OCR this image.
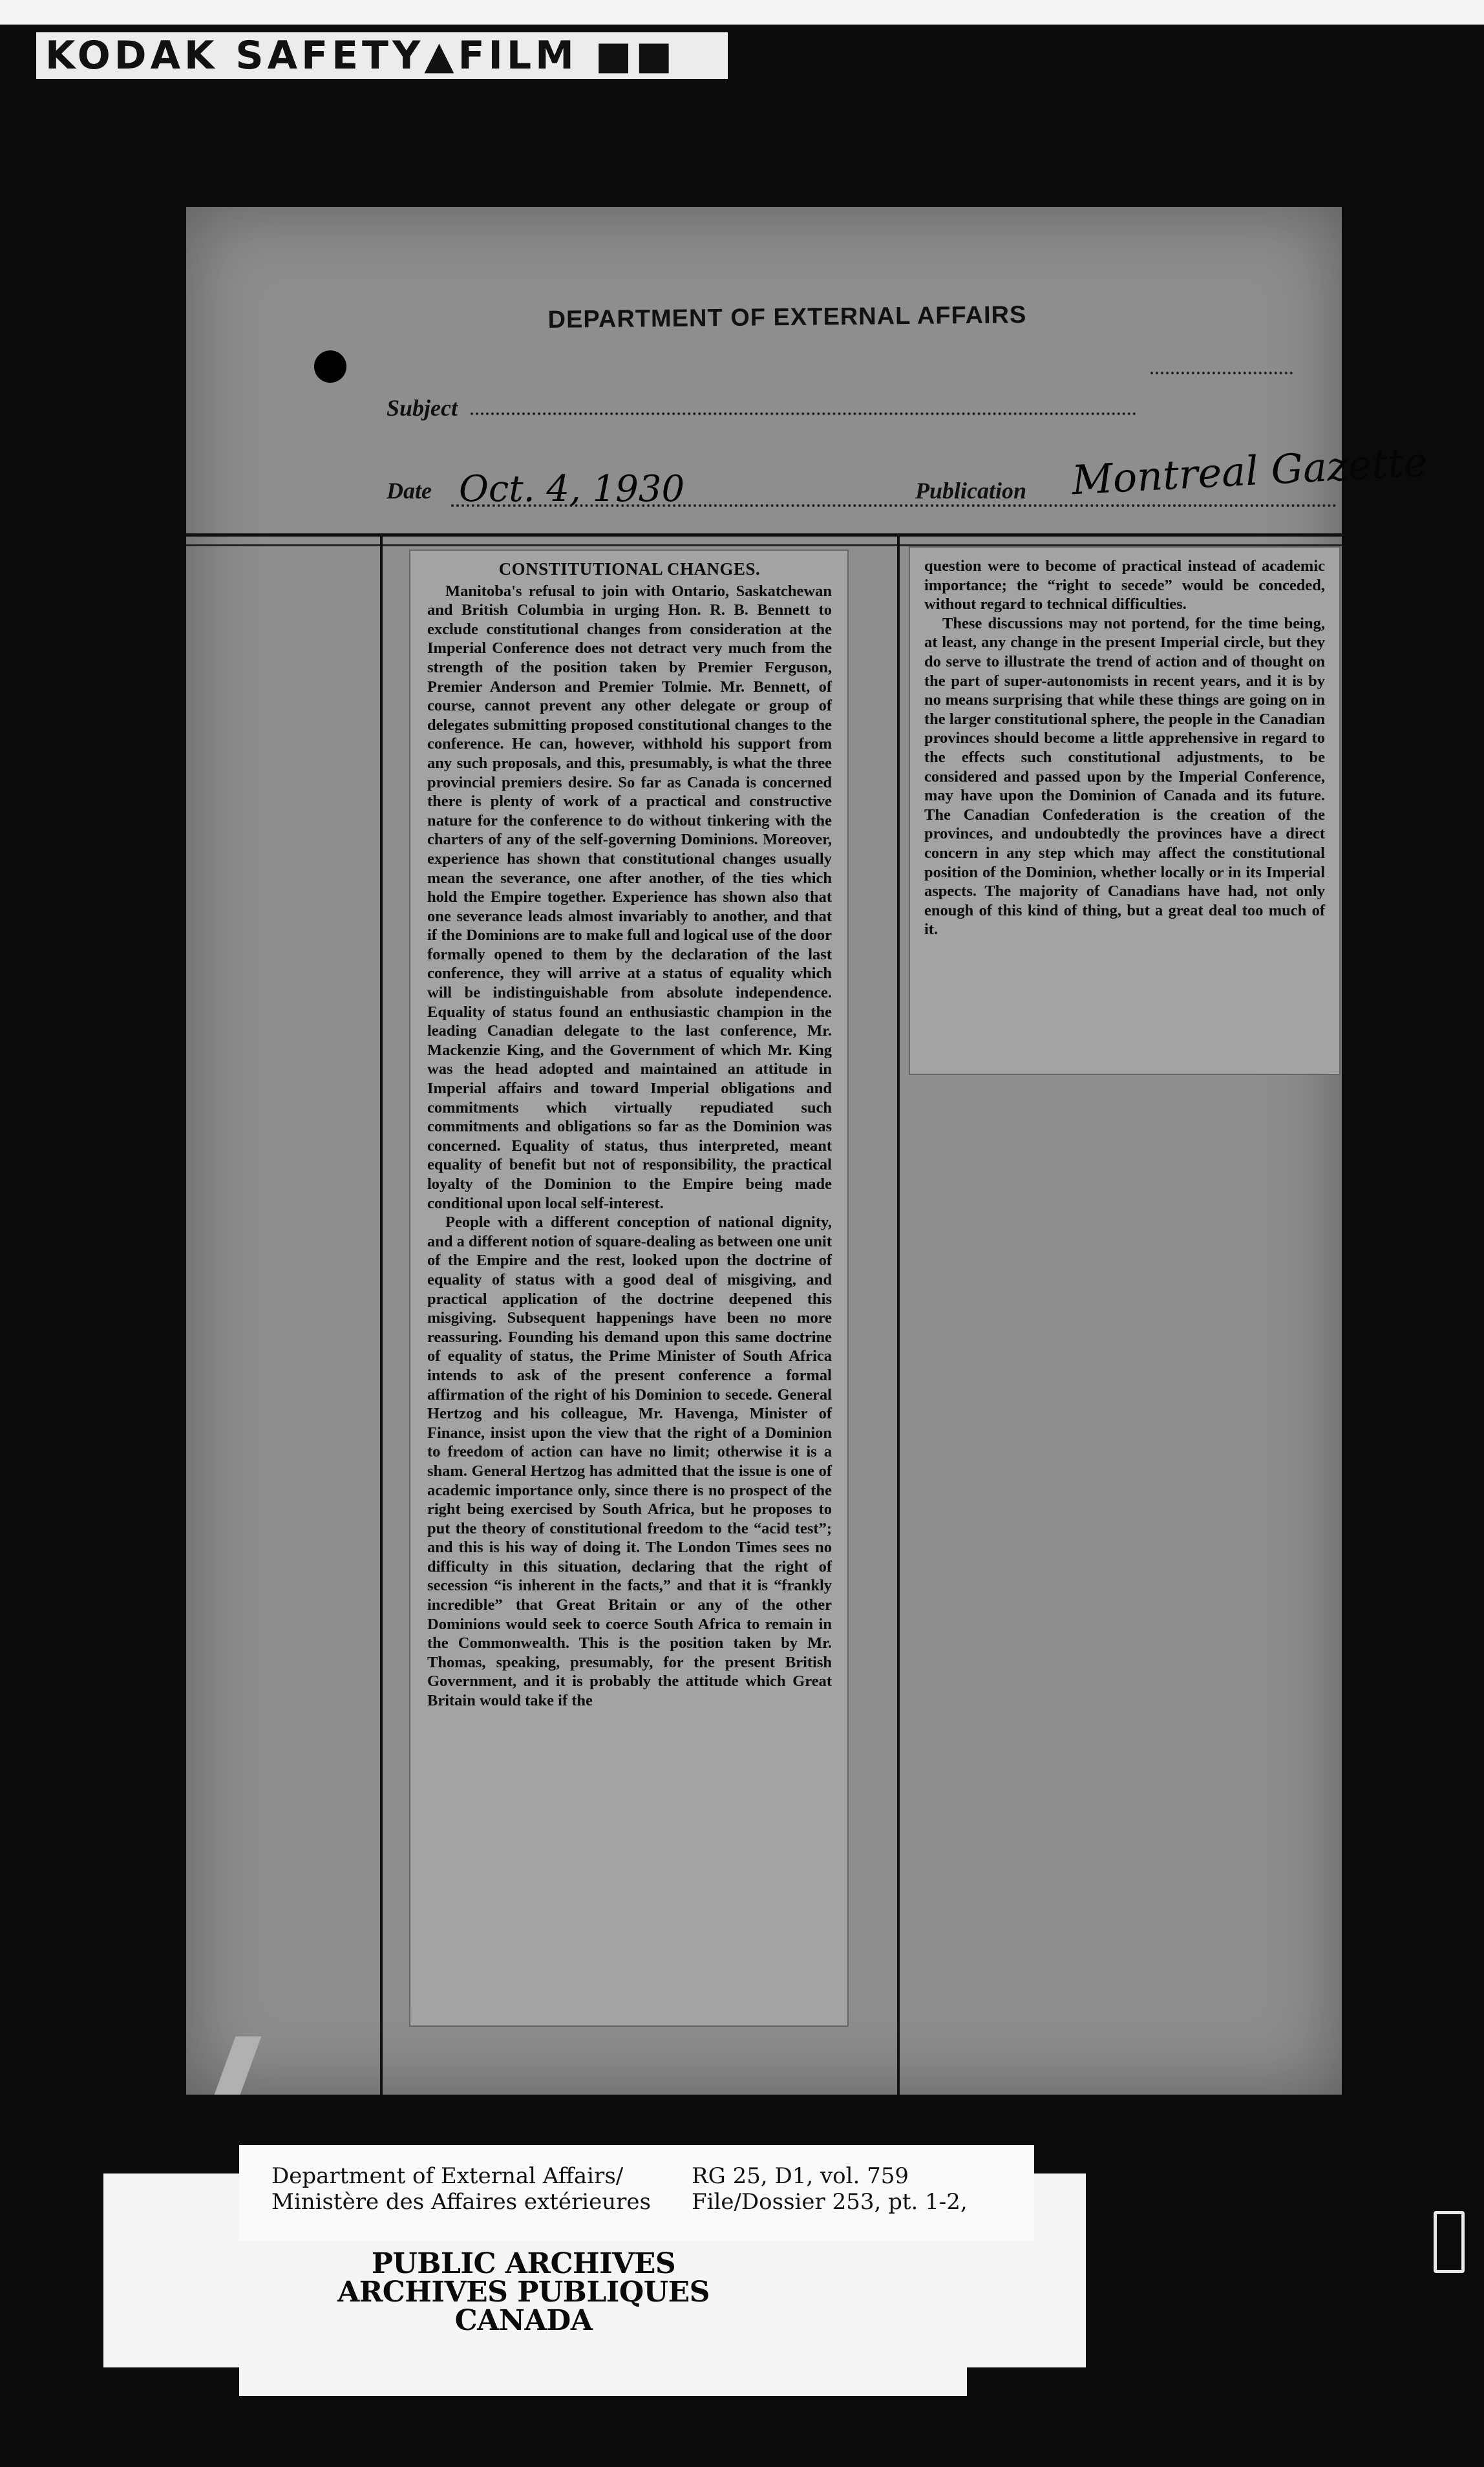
KODAK SAFETY▲FILM ■■
DEPARTMENT OF EXTERNAL AFFAIRS
Subject
Date Oct. 4, 1930	Publication Montreal Gazette
CONSTITUTIONAL CHANGES.

Manitoba's refusal to join with Ontario, Saskatchewan and British Columbia in urging Hon. R. B. Bennett to exclude constitutional changes from consideration at the Imperial Conference does not detract very much from the strength of the position taken by Premier Ferguson, Premier Anderson and Premier Tolmie. Mr. Bennett, of course, cannot prevent any other delegate or group of delegates submitting proposed constitutional changes to the conference. He can, however, withhold his support from any such proposals, and this, presumably, is what the three provincial premiers desire. So far as Canada is concerned there is plenty of work of a practical and constructive nature for the conference to do without tinkering with the charters of any of the self-governing Dominions. Moreover, experience has shown that constitutional changes usually mean the severance, one after another, of the ties which hold the Empire together. Experience has shown also that one severance leads almost invariably to another, and that if the Dominions are to make full and logical use of the door formally opened to them by the declaration of the last conference, they will arrive at a status of equality which will be indistinguishable from absolute independence. Equality of status found an enthusiastic champion in the leading Canadian delegate to the last conference, Mr. Mackenzie King, and the Government of which Mr. King was the head adopted and maintained an attitude in Imperial affairs and toward Imperial obligations and commitments which virtually repudiated such commitments and obligations so far as the Dominion was concerned. Equality of status, thus interpreted, meant equality of benefit but not of responsibility, the practical loyalty of the Dominion to the Empire being made conditional upon local self-interest.

People with a different conception of national dignity, and a different notion of square-dealing as between one unit of the Empire and the rest, looked upon the doctrine of equality of status with a good deal of misgiving, and practical application of the doctrine deepened this misgiving. Subsequent happenings have been no more reassuring. Founding his demand upon this same doctrine of equality of status, the Prime Minister of South Africa intends to ask of the present conference a formal affirmation of the right of his Dominion to secede. General Hertzog and his colleague, Mr. Havenga, Minister of Finance, insist upon the view that the right of a Dominion to freedom of action can have no limit; otherwise it is a sham. General Hertzog has admitted that the issue is one of academic importance only, since there is no prospect of the right being exercised by South Africa, but he proposes to put the theory of constitutional freedom to the “acid test”; and this is his way of doing it. The London Times sees no difficulty in this situation, declaring that the right of secession “is inherent in the facts,” and that it is “frankly incredible” that Great Britain or any of the other Dominions would seek to coerce South Africa to remain in the Commonwealth. This is the position taken by Mr. Thomas, speaking, presumably, for the present British Government, and it is probably the attitude which Great Britain would take if the

question were to become of practical instead of academic importance; the “right to secede” would be conceded, without regard to technical difficulties.

These discussions may not portend, for the time being, at least, any change in the present Imperial circle, but they do serve to illustrate the trend of action and of thought on the part of super-autonomists in recent years, and it is by no means surprising that while these things are going on in the larger constitutional sphere, the people in the Canadian provinces should become a little apprehensive in regard to the effects such constitutional adjustments, to be considered and passed upon by the Imperial Conference, may have upon the Dominion of Canada and its future. The Canadian Confederation is the creation of the provinces, and undoubtedly the provinces have a direct concern in any step which may affect the constitutional position of the Dominion, whether locally or in its Imperial aspects. The majority of Canadians have had, not only enough of this kind of thing, but a great deal too much of it.

PUBLIC ARCHIVES
ARCHIVES PUBLIQUES
CANADA
Department of External Affairs/
Ministère des Affaires extérieures
RG 25, D1, vol. 759
File/Dossier 253, pt. 1-2,
